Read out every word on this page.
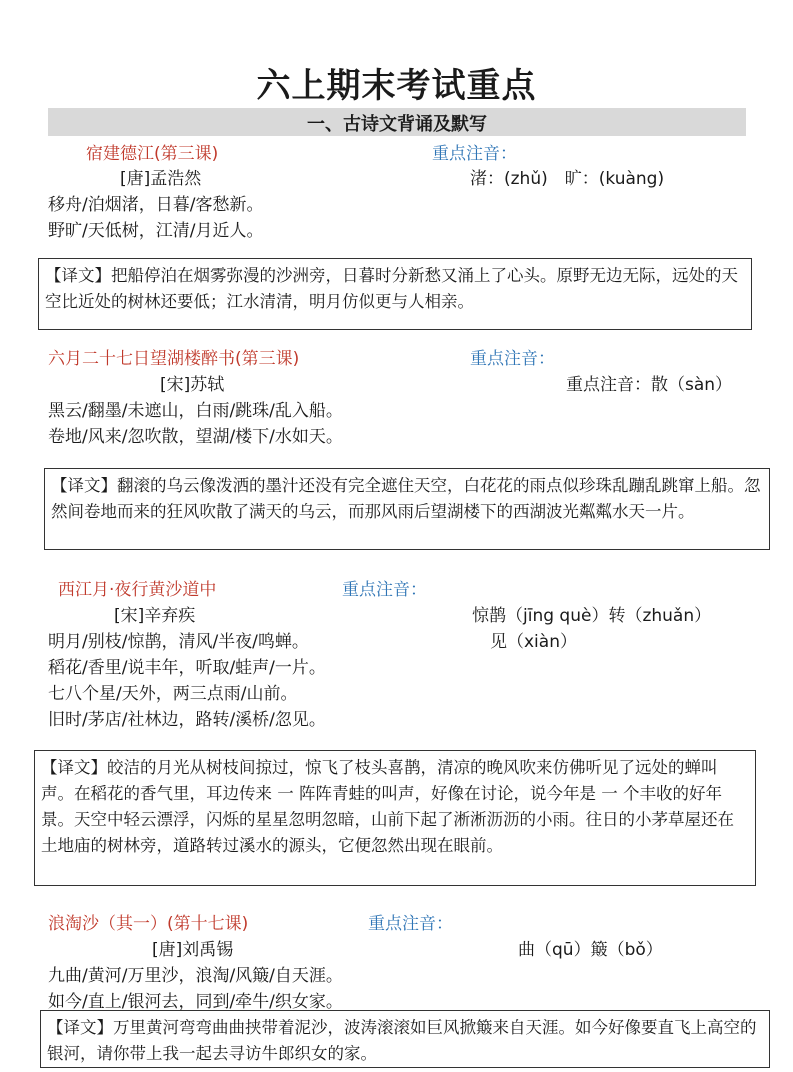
六上期末考试重点
一、古诗文背诵及默写
宿建德江(第三课)	重点注音：
[唐]孟浩然	渚：(zhǔ)　旷：(kuàng)
移舟/泊烟渚，日暮/客愁新。
野旷/天低树，江清/月近人。
【译文】把船停泊在烟雾弥漫的沙洲旁，日暮时分新愁又涌上了心头。原野无边无际，远处的天空比近处的树林还要低；江水清清，明月仿似更与人相亲。
六月二十七日望湖楼醉书(第三课)	重点注音：
[宋]苏轼	重点注音：散（sàn）
黑云/翻墨/未遮山，白雨/跳珠/乱入船。
卷地/风来/忽吹散，望湖/楼下/水如天。
【译文】翻滚的乌云像泼洒的墨汁还没有完全遮住天空，白花花的雨点似珍珠乱蹦乱跳窜上船。忽然间卷地而来的狂风吹散了满天的乌云，而那风雨后望湖楼下的西湖波光粼粼水天一片。
西江月·夜行黄沙道中	重点注音：
[宋]辛弃疾	惊鹊（jīng què）转（zhuǎn）
见（xiàn）
明月/别枝/惊鹊，清风/半夜/鸣蝉。
稻花/香里/说丰年，听取/蛙声/一片。
七八个星/天外，两三点雨/山前。
旧时/茅店/社林边，路转/溪桥/忽见。
【译文】皎洁的月光从树枝间掠过，惊飞了枝头喜鹊，清凉的晚风吹来仿佛听见了远处的蝉叫声。在稻花的香气里，耳边传来 一 阵阵青蛙的叫声，好像在讨论，说今年是 一 个丰收的好年景。天空中轻云漂浮，闪烁的星星忽明忽暗，山前下起了淅淅沥沥的小雨。往日的小茅草屋还在土地庙的树林旁，道路转过溪水的源头，它便忽然出现在眼前。
浪淘沙（其一）(第十七课)	重点注音：
[唐]刘禹锡	曲（qū）簸（bǒ）
九曲/黄河/万里沙，浪淘/风簸/自天涯。
如今/直上/银河去，同到/牵牛/织女家。
【译文】万里黄河弯弯曲曲挟带着泥沙，波涛滚滚如巨风掀簸来自天涯。如今好像要直飞上高空的银河，请你带上我一起去寻访牛郎织女的家。
